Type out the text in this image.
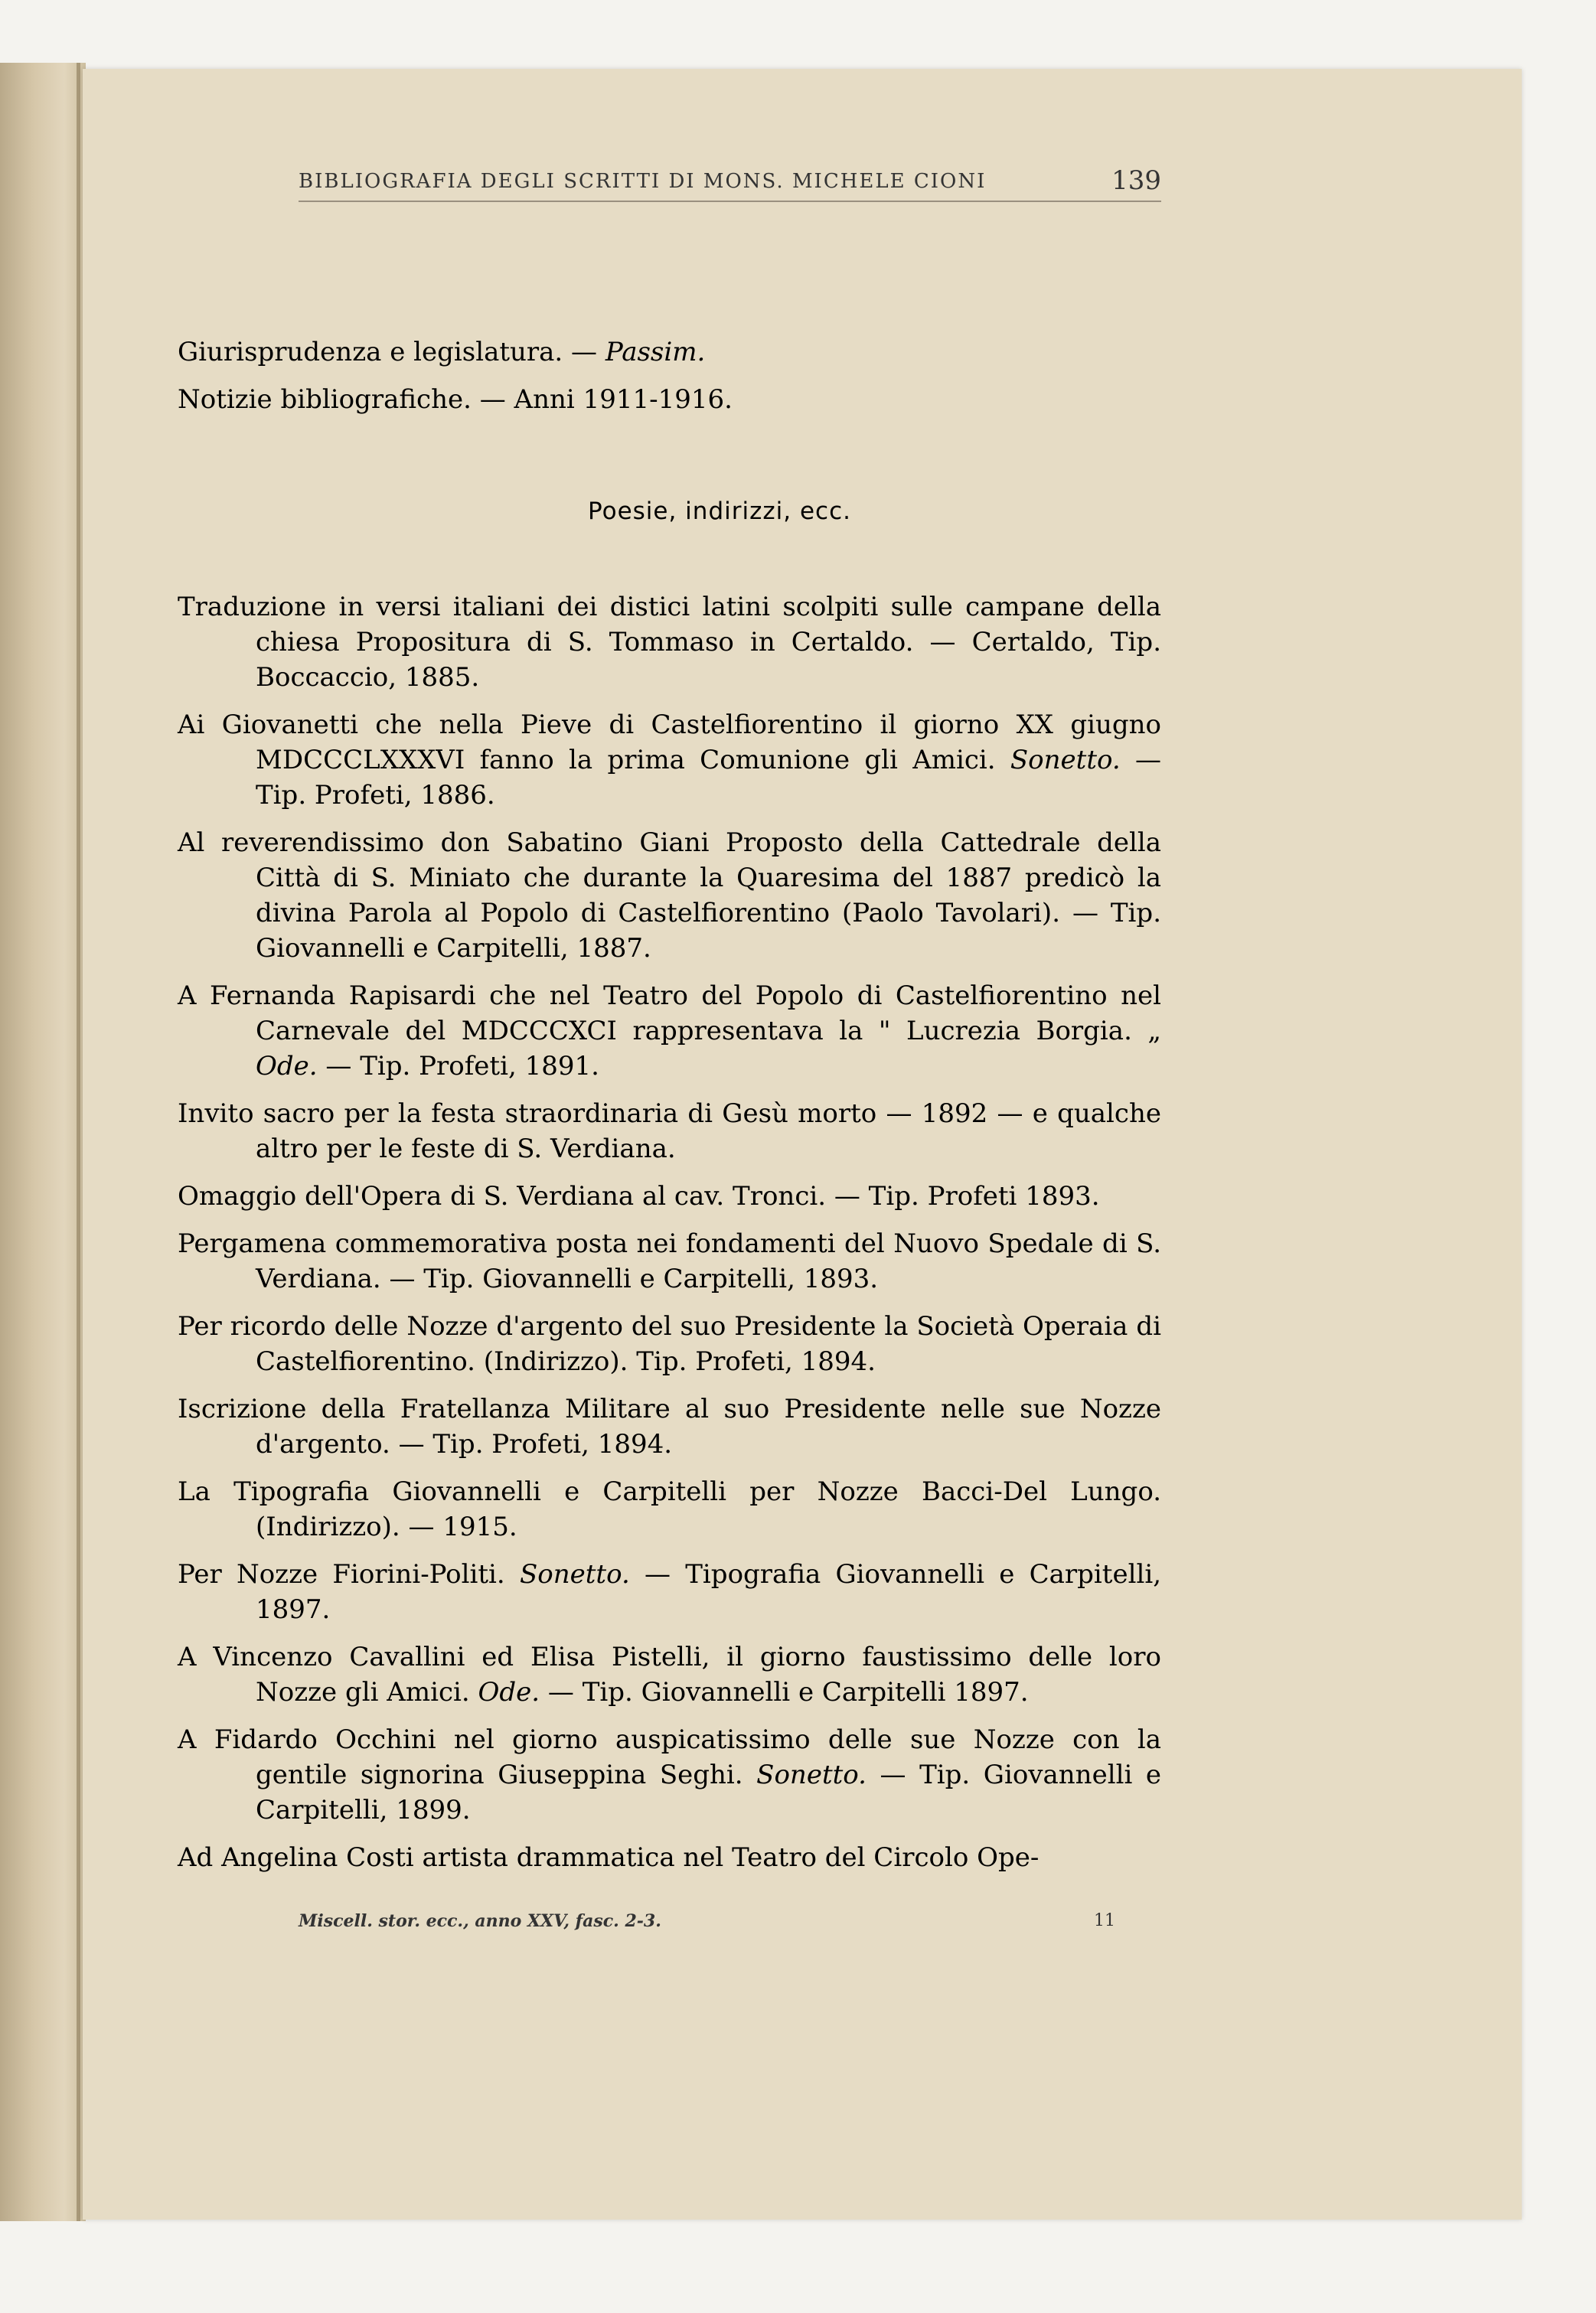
BIBLIOGRAFIA DEGLI SCRITTI DI MONS. MICHELE CIONI	139
Giurisprudenza e legislatura. — Passim.
Notizie bibliografiche. — Anni 1911-1916.
Poesie, indirizzi, ecc.
Traduzione in versi italiani dei distici latini scolpiti sulle campane della chiesa Propositura di S. Tommaso in Certaldo. — Certaldo, Tip. Boccaccio, 1885.
Ai Giovanetti che nella Pieve di Castelfiorentino il giorno XX giugno MDCCCLXXXVI fanno la prima Comunione gli Amici. Sonetto. — Tip. Profeti, 1886.
Al reverendissimo don Sabatino Giani Proposto della Cattedrale della Città di S. Miniato che durante la Quaresima del 1887 predicò la divina Parola al Popolo di Castelfiorentino (Paolo Tavolari). — Tip. Giovannelli e Carpitelli, 1887.
A Fernanda Rapisardi che nel Teatro del Popolo di Castelfiorentino nel Carnevale del MDCCCXCI rappresentava la " Lucrezia Borgia. „ Ode. — Tip. Profeti, 1891.
Invito sacro per la festa straordinaria di Gesù morto — 1892 — e qualche altro per le feste di S. Verdiana.
Omaggio dell'Opera di S. Verdiana al cav. Tronci. — Tip. Profeti 1893.
Pergamena commemorativa posta nei fondamenti del Nuovo Spedale di S. Verdiana. — Tip. Giovannelli e Carpitelli, 1893.
Per ricordo delle Nozze d'argento del suo Presidente la Società Operaia di Castelfiorentino. (Indirizzo). Tip. Profeti, 1894.
Iscrizione della Fratellanza Militare al suo Presidente nelle sue Nozze d'argento. — Tip. Profeti, 1894.
La Tipografia Giovannelli e Carpitelli per Nozze Bacci-Del Lungo. (Indirizzo). — 1915.
Per Nozze Fiorini-Politi. Sonetto. — Tipografia Giovannelli e Carpitelli, 1897.
A Vincenzo Cavallini ed Elisa Pistelli, il giorno faustissimo delle loro Nozze gli Amici. Ode. — Tip. Giovannelli e Carpitelli 1897.
A Fidardo Occhini nel giorno auspicatissimo delle sue Nozze con la gentile signorina Giuseppina Seghi. Sonetto. — Tip. Giovannelli e Carpitelli, 1899.
Ad Angelina Costi artista drammatica nel Teatro del Circolo Ope-
Miscell. stor. ecc., anno XXV, fasc. 2-3.	11
